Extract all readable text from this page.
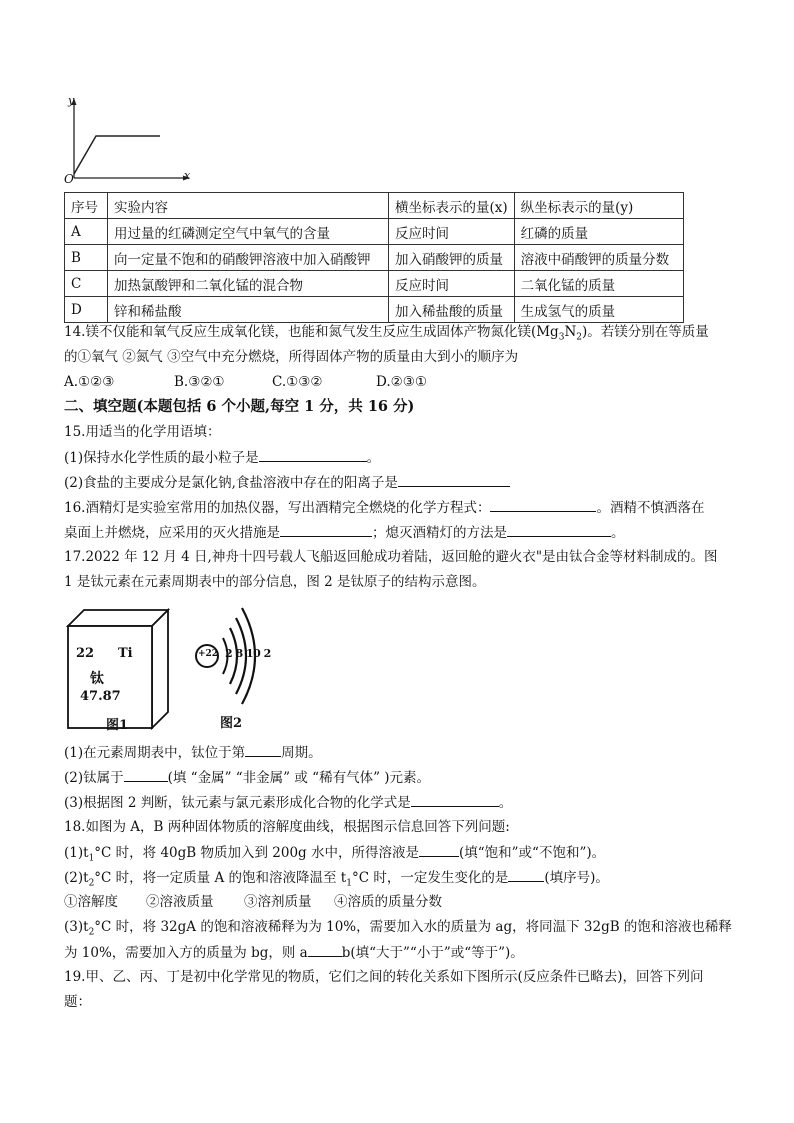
y
x
O
序号	实验内容	横坐标表示的量(x)	纵坐标表示的量(y)
A	用过量的红磷测定空气中氧气的含量	反应时间	红磷的质量
B	向一定量不饱和的硝酸钾溶液中加入硝酸钾	加入硝酸钾的质量	溶液中硝酸钾的质量分数
C	加热氯酸钾和二氧化锰的混合物	反应时间	二氧化锰的质量
D	锌和稀盐酸	加入稀盐酸的质量	生成氢气的质量
14.镁不仅能和氧气反应生成氧化镁，也能和氮气发生反应生成固体产物氮化镁$(Mg_3N_2)$。若镁分别在等质量
的①氧气 ②氮气 ③空气中充分燃烧，所得固体产物的质量由大到小的顺序为
A.①②③	B.③②①	C.①③②	D.②③①
二、填空题(本题包括 6 个小题,每空 1 分，共 16 分)
15.用适当的化学用语填：
(1)保持水化学性质的最小粒子是	。
(2)食盐的主要成分是氯化钠,食盐溶液中存在的阳离子是
16.酒精灯是实验室常用的加热仪器，写出酒精完全燃烧的化学方程式：	。酒精不慎洒落在
桌面上并燃烧，应采用的灭火措施是	；熄灭酒精灯的方法是	。
17.2022 年 12 月 4 日,神舟十四号载人飞船返回舱成功着陆，返回舱的避火衣"是由钛合金等材料制成的。图
1 是钛元素在元素周期表中的部分信息，图 2 是钛原子的结构示意图。
22 Ti
钛
47.87
图1
+22 2 8 10 2
图2
(1)在元素周期表中，钛位于第	周期。
(2)钛属于	(填 “金属” “非金属” 或 “稀有气体” )元素。
(3)根据图 2 判断，钛元素与氯元素形成化合物的化学式是	。
18.如图为 A，B 两种固体物质的溶解度曲线，根据图示信息回答下列问题:
$(1)t_1^\circ C$ 时，将 40gB 物质加入到 200g 水中，所得溶液是	(填“饱和”或“不饱和”)。
$(2)t_2^\circ C$ 时，将一定质量 A 的饱和溶液降温至 $t_1^\circ C$ 时，一定发生变化的是	(填序号)。
①溶解度 ②溶液质量 ③溶剂质量 ④溶质的质量分数
$(3)t_2^\circ C$ 时，将 32gA 的饱和溶液稀释为为 10%，需要加入水的质量为 ag，将同温下 32gB 的饱和溶液也稀释
为 10%，需要加入方的质量为 bg，则 a	b(填“大于”“小于”或“等于”)。
19.甲、乙、丙、丁是初中化学常见的物质，它们之间的转化关系如下图所示(反应条件已略去)，回答下列问
题：
